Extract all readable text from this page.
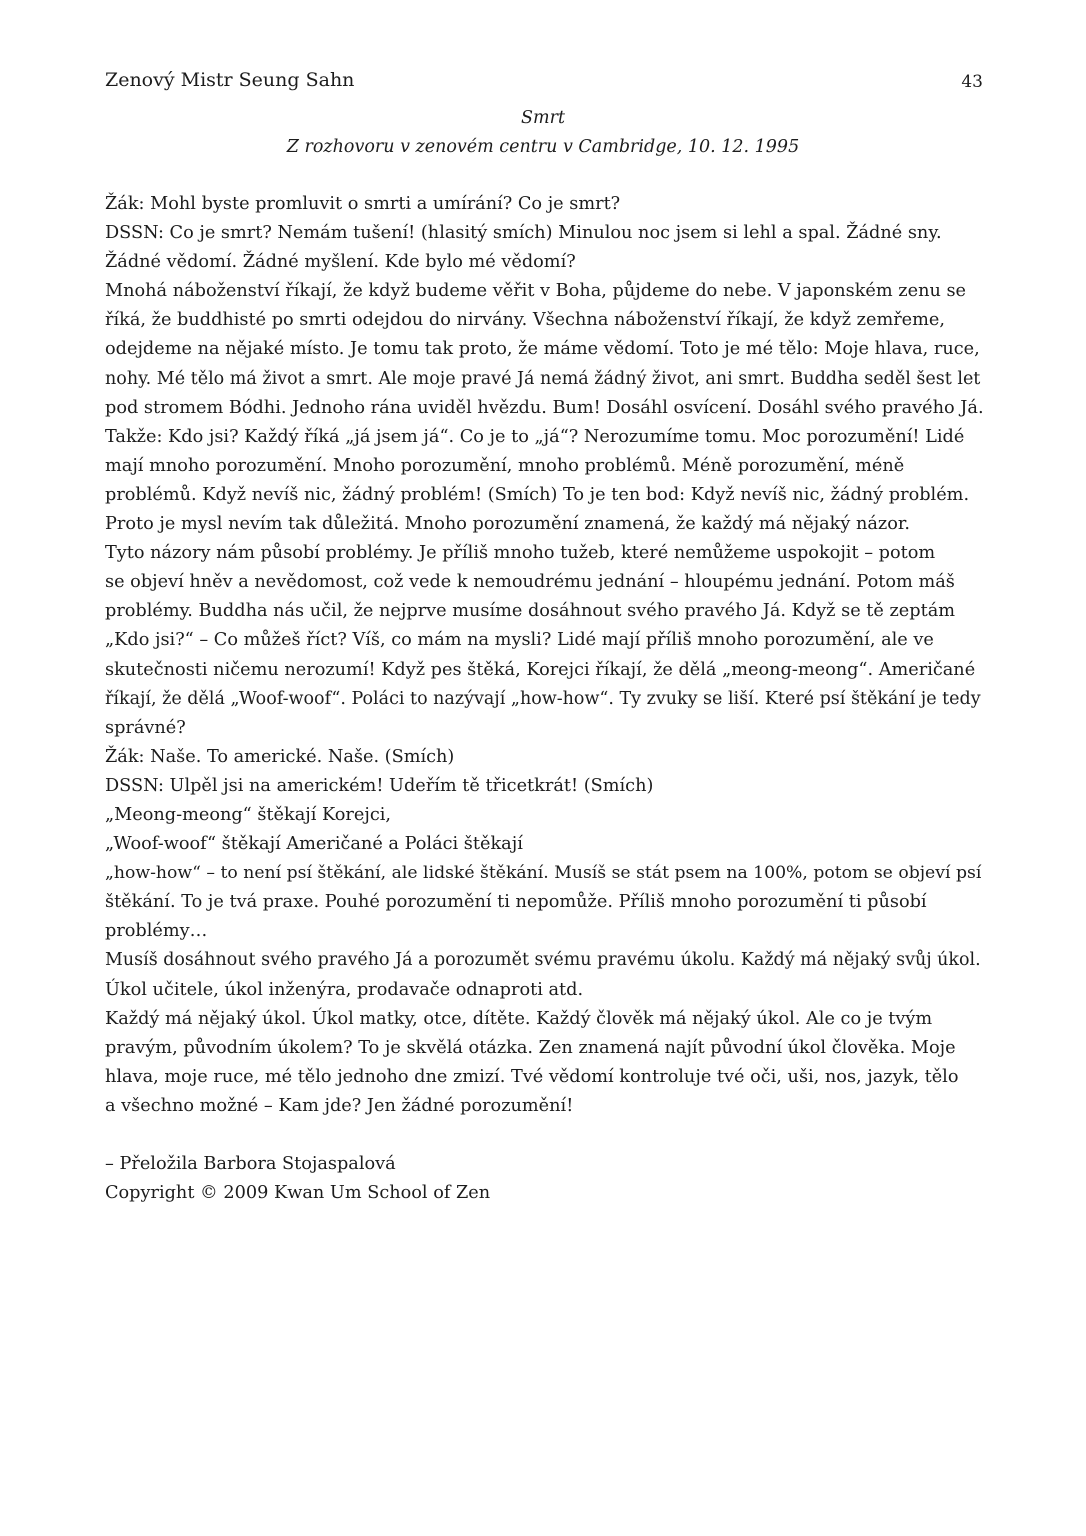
Zenový Mistr Seung Sahn	43
Smrt
Z rozhovoru v zenovém centru v Cambridge, 10. 12. 1995
Žák: Mohl byste promluvit o smrti a umírání? Co je smrt?
DSSN: Co je smrt? Nemám tušení! (hlasitý smích) Minulou noc jsem si lehl a spal. Žádné sny.
Žádné vědomí. Žádné myšlení. Kde bylo mé vědomí?
Mnohá náboženství říkají, že když budeme věřit v Boha, půjdeme do nebe. V japonském zenu se
říká, že buddhisté po smrti odejdou do nirvány. Všechna náboženství říkají, že když zemřeme,
odejdeme na nějaké místo. Je tomu tak proto, že máme vědomí. Toto je mé tělo: Moje hlava, ruce,
nohy. Mé tělo má život a smrt. Ale moje pravé Já nemá žádný život, ani smrt. Buddha seděl šest let
pod stromem Bódhi. Jednoho rána uviděl hvězdu. Bum! Dosáhl osvícení. Dosáhl svého pravého Já.
Takže: Kdo jsi? Každý říká „já jsem já“. Co je to „já“? Nerozumíme tomu. Moc porozumění! Lidé
mají mnoho porozumění. Mnoho porozumění, mnoho problémů. Méně porozumění, méně
problémů. Když nevíš nic, žádný problém! (Smích) To je ten bod: Když nevíš nic, žádný problém.
Proto je mysl nevím tak důležitá. Mnoho porozumění znamená, že každý má nějaký názor.
Tyto názory nám působí problémy. Je příliš mnoho tužeb, které nemůžeme uspokojit – potom
se objeví hněv a nevědomost, což vede k nemoudrému jednání – hloupému jednání. Potom máš
problémy. Buddha nás učil, že nejprve musíme dosáhnout svého pravého Já. Když se tě zeptám
„Kdo jsi?“ – Co můžeš říct? Víš, co mám na mysli? Lidé mají příliš mnoho porozumění, ale ve
skutečnosti ničemu nerozumí! Když pes štěká, Korejci říkají, že dělá „meong-meong“. Američané
říkají, že dělá „Woof-woof“. Poláci to nazývají „how-how“. Ty zvuky se liší. Které psí štěkání je tedy
správné?
Žák: Naše. To americké. Naše. (Smích)
DSSN: Ulpěl jsi na americkém! Udeřím tě třicetkrát! (Smích)
„Meong-meong“ štěkají Korejci,
„Woof-woof“ štěkají Američané a Poláci štěkají
„how-how“ – to není psí štěkání, ale lidské štěkání. Musíš se stát psem na 100%, potom se objeví psí
štěkání. To je tvá praxe. Pouhé porozumění ti nepomůže. Příliš mnoho porozumění ti působí
problémy…
Musíš dosáhnout svého pravého Já a porozumět svému pravému úkolu. Každý má nějaký svůj úkol.
Úkol učitele, úkol inženýra, prodavače odnaproti atd.
Každý má nějaký úkol. Úkol matky, otce, dítěte. Každý člověk má nějaký úkol. Ale co je tvým
pravým, původním úkolem? To je skvělá otázka. Zen znamená najít původní úkol člověka. Moje
hlava, moje ruce, mé tělo jednoho dne zmizí. Tvé vědomí kontroluje tvé oči, uši, nos, jazyk, tělo
a všechno možné – Kam jde? Jen žádné porozumění!
– Přeložila Barbora Stojaspalová
Copyright © 2009 Kwan Um School of Zen
